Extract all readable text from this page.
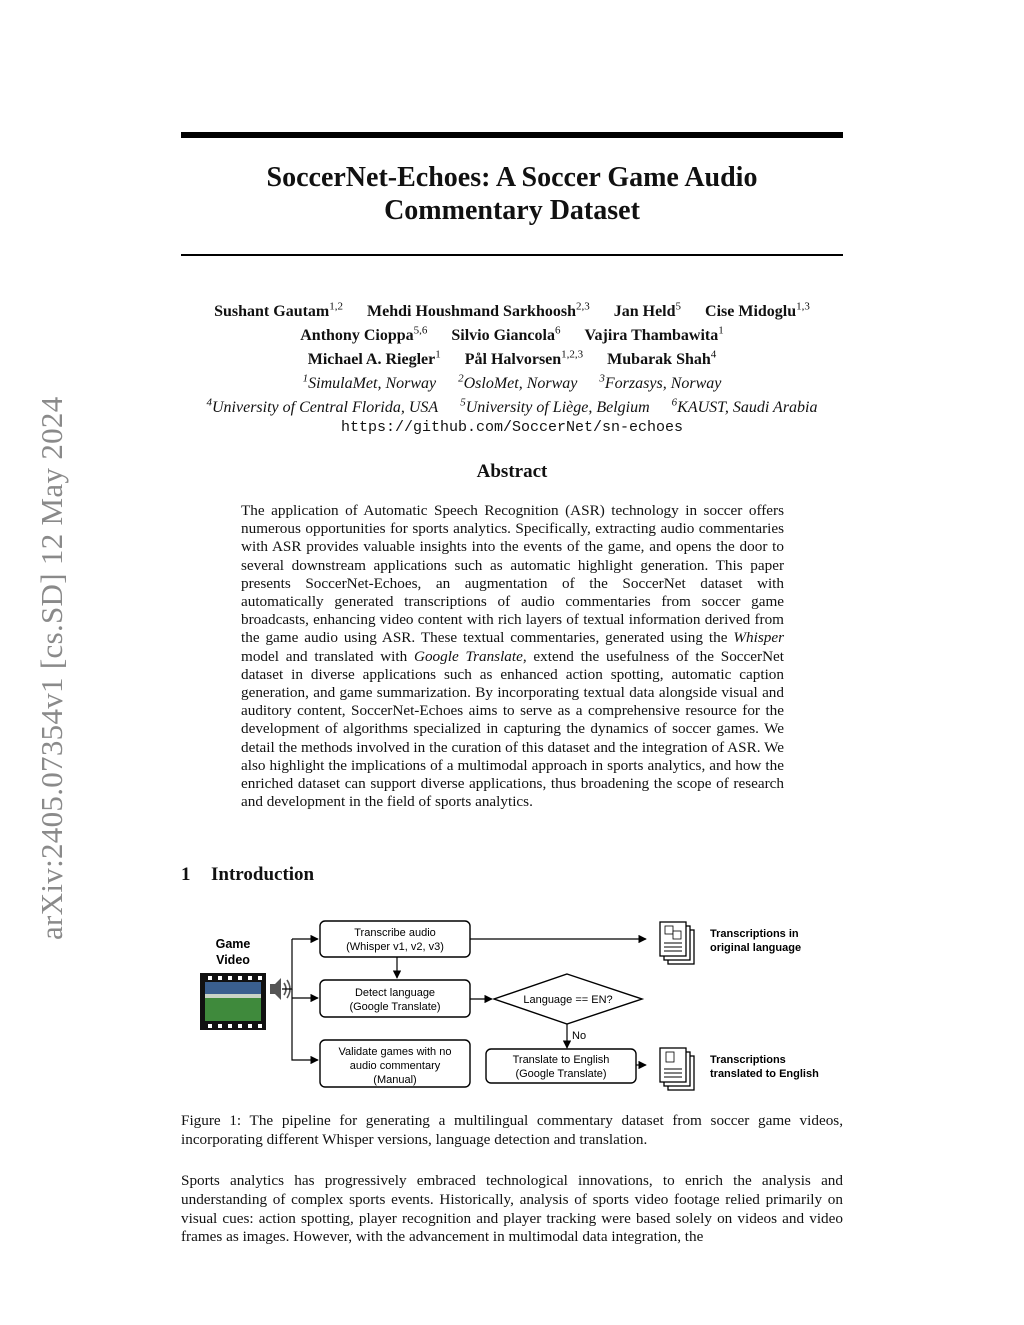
arXiv:2405.07354v1 [cs.SD] 12 May 2024
SoccerNet-Echoes: A Soccer Game Audio
Commentary Dataset
Sushant Gautam$^{1,2}$ Mehdi Houshmand Sarkhoosh$^{2,3}$ Jan Held$^5$ Cise Midoglu$^{1,3}$
Anthony Cioppa$^{5,6}$ Silvio Giancola$^6$ Vajira Thambawita$^1$
Michael A. Riegler$^1$ Pål Halvorsen$^{1,2,3}$ Mubarak Shah$^4$
$^1$SimulaMet, Norway $^2$OsloMet, Norway $^3$Forzasys, Norway
$^4$University of Central Florida, USA $^5$University of Liège, Belgium $^6$KAUST, Saudi Arabia
https://github.com/SoccerNet/sn-echoes
Abstract
The application of Automatic Speech Recognition (ASR) technology in soccer offers numerous opportunities for sports analytics. Specifically, extracting audio commentaries with ASR provides valuable insights into the events of the game, and opens the door to several downstream applications such as automatic highlight generation. This paper presents SoccerNet-Echoes, an augmentation of the SoccerNet dataset with automatically generated transcriptions of audio commentaries from soccer game broadcasts, enhancing video content with rich layers of textual information derived from the game audio using ASR. These textual commentaries, generated using the Whisper model and translated with Google Translate, extend the usefulness of the SoccerNet dataset in diverse applications such as enhanced action spotting, automatic caption generation, and game summarization. By incorporating textual data alongside visual and auditory content, SoccerNet-Echoes aims to serve as a comprehensive resource for the development of algorithms specialized in capturing the dynamics of soccer games. We detail the methods involved in the curation of this dataset and the integration of ASR. We also highlight the implications of a multimodal approach in sports analytics, and how the enriched dataset can support diverse applications, thus broadening the scope of research and development in the field of sports analytics.
1 Introduction
Game
Video
Transcribe audio
(Whisper v1, v2, v3)
Detect language
(Google Translate)
Validate games with no
audio commentary
(Manual)
Language == EN?
No
Translate to English
(Google Translate)
Transcriptions in
original language
Transcriptions
translated to English
Figure 1: The pipeline for generating a multilingual commentary dataset from soccer game videos, incorporating different Whisper versions, language detection and translation.
Sports analytics has progressively embraced technological innovations, to enrich the analysis and understanding of complex sports events. Historically, analysis of sports video footage relied primarily on visual cues: action spotting, player recognition and player tracking were based solely on videos and video frames as images. However, with the advancement in multimodal data integration, the
